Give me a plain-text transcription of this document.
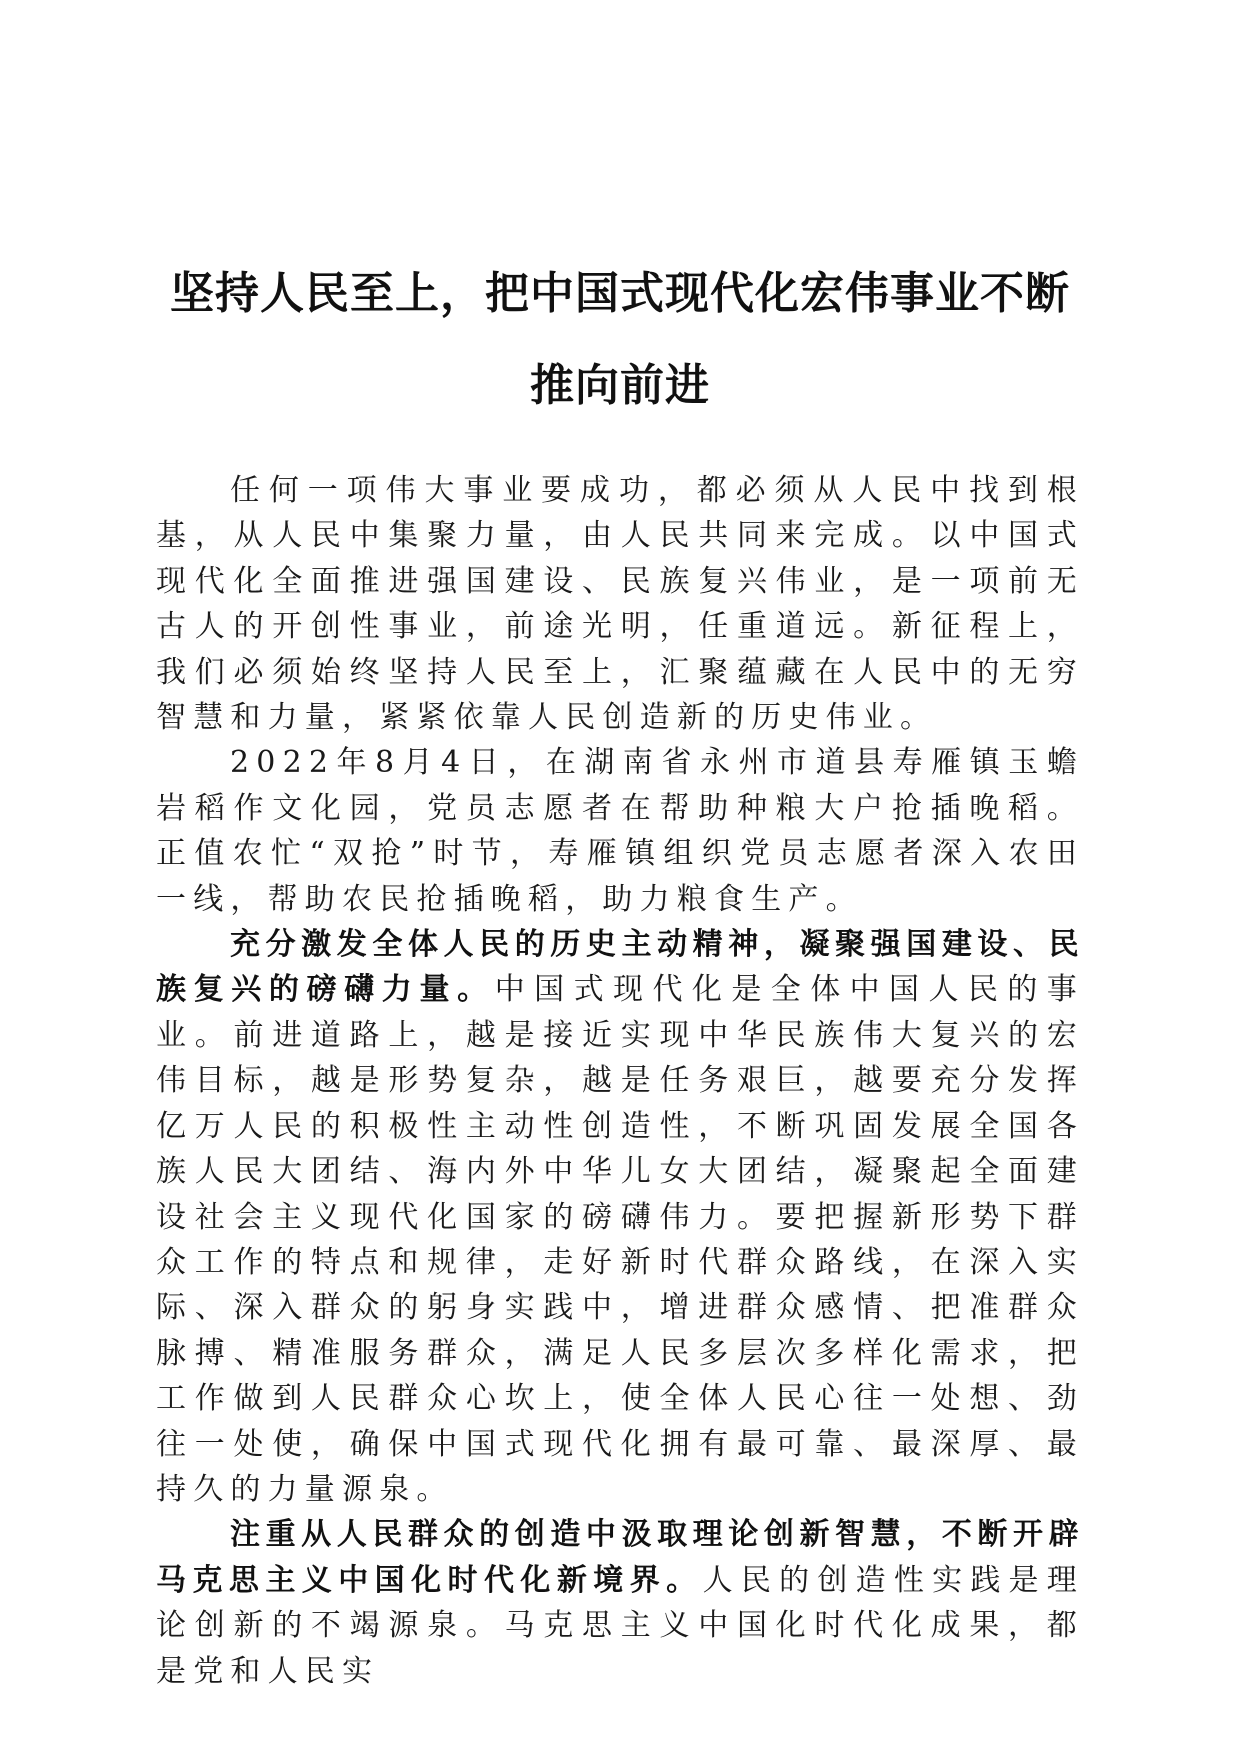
坚持人民至上，把中国式现代化宏伟事业不断
推向前进

任何一项伟大事业要成功，都必须从人民中找到根基，从人民中集聚力量，由人民共同来完成。以中国式现代化全面推进强国建设、民族复兴伟业，是一项前无古人的开创性事业，前途光明，任重道远。新征程上，我们必须始终坚持人民至上，汇聚蕴藏在人民中的无穷智慧和力量，紧紧依靠人民创造新的历史伟业。

2022年8月4日，在湖南省永州市道县寿雁镇玉蟾岩稻作文化园，党员志愿者在帮助种粮大户抢插晚稻。正值农忙“双抢”时节，寿雁镇组织党员志愿者深入农田一线，帮助农民抢插晚稻，助力粮食生产。

充分激发全体人民的历史主动精神，凝聚强国建设、民族复兴的磅礴力量。中国式现代化是全体中国人民的事业。前进道路上，越是接近实现中华民族伟大复兴的宏伟目标，越是形势复杂，越是任务艰巨，越要充分发挥亿万人民的积极性主动性创造性，不断巩固发展全国各族人民大团结、海内外中华儿女大团结，凝聚起全面建设社会主义现代化国家的磅礴伟力。要把握新形势下群众工作的特点和规律，走好新时代群众路线，在深入实际、深入群众的躬身实践中，增进群众感情、把准群众脉搏、精准服务群众，满足人民多层次多样化需求，把工作做到人民群众心坎上，使全体人民心往一处想、劲往一处使，确保中国式现代化拥有最可靠、最深厚、最持久的力量源泉。

注重从人民群众的创造中汲取理论创新智慧，不断开辟马克思主义中国化时代化新境界。人民的创造性实践是理论创新的不竭源泉。马克思主义中国化时代化成果，都是党和人民实
